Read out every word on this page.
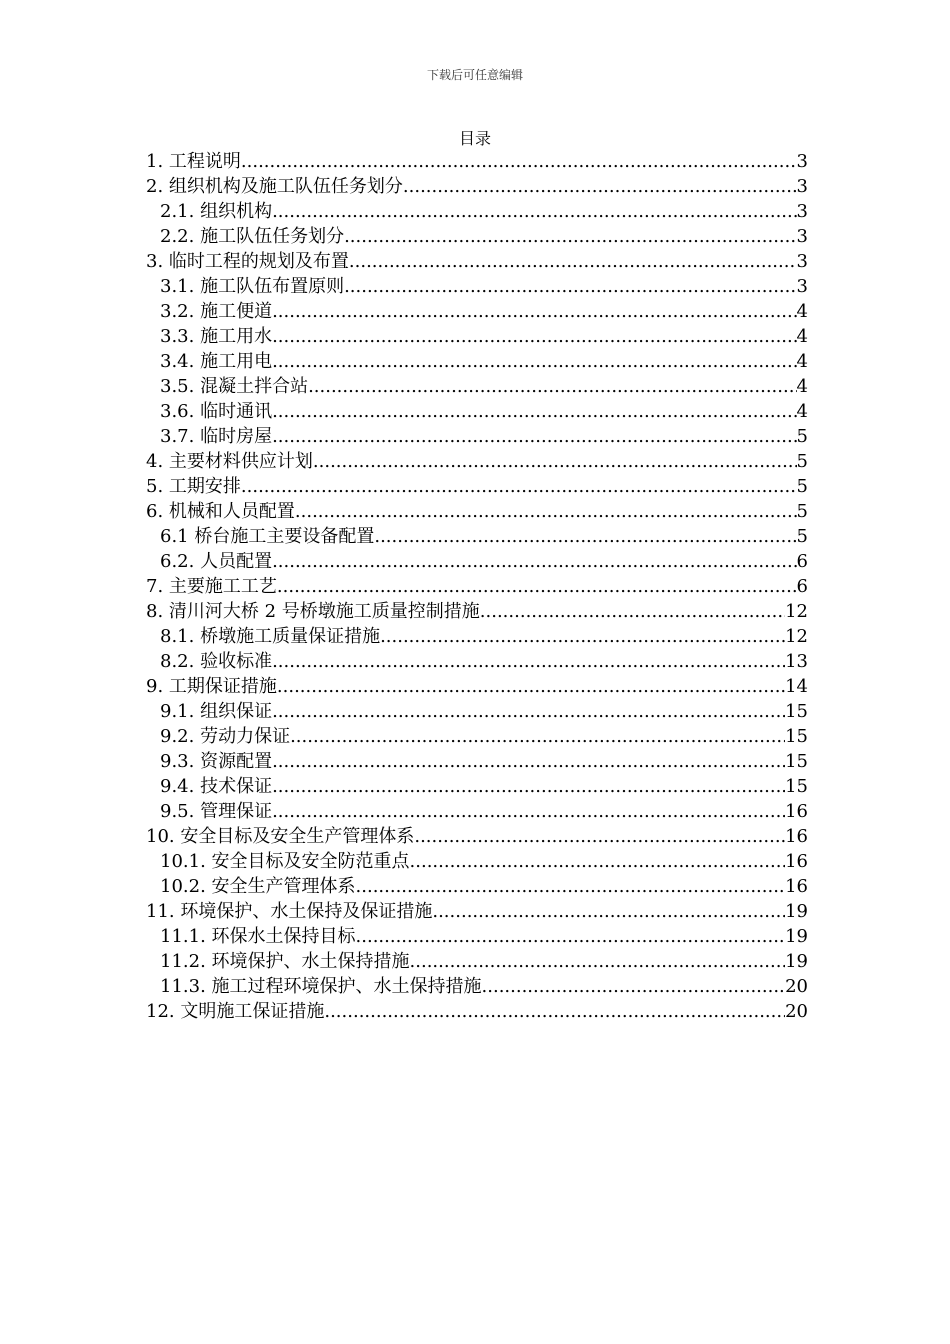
下载后可任意编辑
目录
1. 工程说明 .....	3
2. 组织机构及施工队伍任务划分 .....	3
2.1. 组织机构 .....	3
2.2. 施工队伍任务划分 .....	3
3. 临时工程的规划及布置 .....	3
3.1. 施工队伍布置原则 .....	3
3.2. 施工便道 .....	4
3.3. 施工用水 .....	4
3.4. 施工用电 .....	4
3.5. 混凝土拌合站 .....	4
3.6. 临时通讯 .....	4
3.7. 临时房屋 .....	5
4. 主要材料供应计划 .....	5
5. 工期安排 .....	5
6. 机械和人员配置 .....	5
6.1 桥台施工主要设备配置 .....	5
6.2. 人员配置 .....	6
7. 主要施工工艺 .....	6
8. 清川河大桥 2 号桥墩施工质量控制措施 .....	12
8.1. 桥墩施工质量保证措施 .....	12
8.2. 验收标准 .....	13
9. 工期保证措施 .....	14
9.1. 组织保证 .....	15
9.2. 劳动力保证 .....	15
9.3. 资源配置 .....	15
9.4. 技术保证 .....	15
9.5. 管理保证 .....	16
10. 安全目标及安全生产管理体系 .....	16
10.1. 安全目标及安全防范重点 .....	16
10.2. 安全生产管理体系 .....	16
11. 环境保护、水土保持及保证措施 .....	19
11.1. 环保水土保持目标 .....	19
11.2. 环境保护、水土保持措施 .....	19
11.3. 施工过程环境保护、水土保持措施 .....	20
12. 文明施工保证措施 .....	20
